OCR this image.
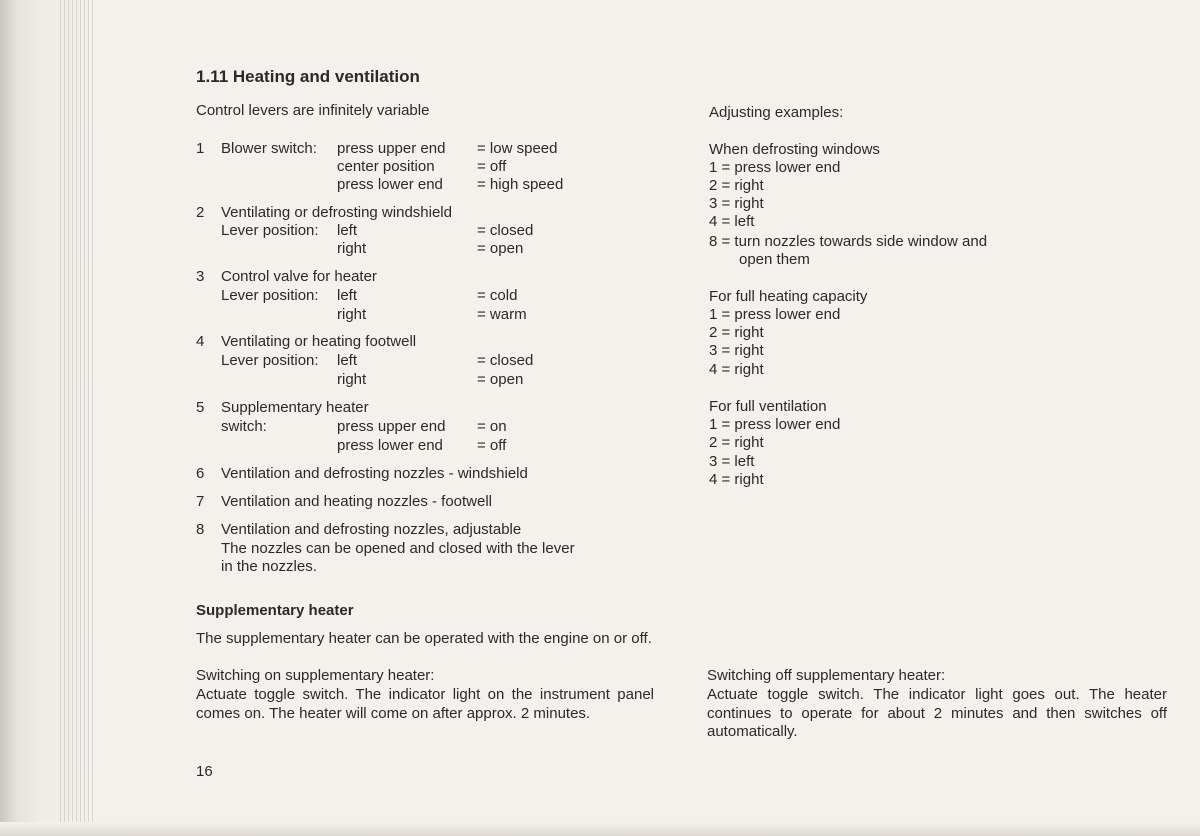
1.11 Heating and ventilation
Control levers are infinitely variable
1 Blower switch: press upper end = low speed
center position	= off
press lower end = high speed
2 Ventilating or defrosting windshield
Lever position: left	= closed
right	= open
3 Control valve for heater
Lever position: left	= cold
right	= warm
4 Ventilating or heating footwell
Lever position: left	= closed
right	= open
5 Supplementary heater
switch:	press upper end = on
press lower end = off
6 Ventilation and defrosting nozzles - windshield
7 Ventilation and heating nozzles - footwell
8 Ventilation and defrosting nozzles, adjustable
The nozzles can be opened and closed with the lever
in the nozzles.
Supplementary heater
The supplementary heater can be operated with the engine on or off.
Switching on supplementary heater:
Actuate toggle switch. The indicator light on the instrument panel comes on. The heater will come on after approx. 2 minutes.
16
Adjusting examples:
When defrosting windows
1 = press lower end
2 = right
3 = right
4 = left
8 = turn nozzles towards side window and
open them
For full heating capacity
1 = press lower end
2 = right
3 = right
4 = right
For full ventilation
1 = press lower end
2 = right
3 = left
4 = right
Switching off supplementary heater:
Actuate toggle switch. The indicator light goes out. The heater continues to operate for about 2 minutes and then switches off automatically.
